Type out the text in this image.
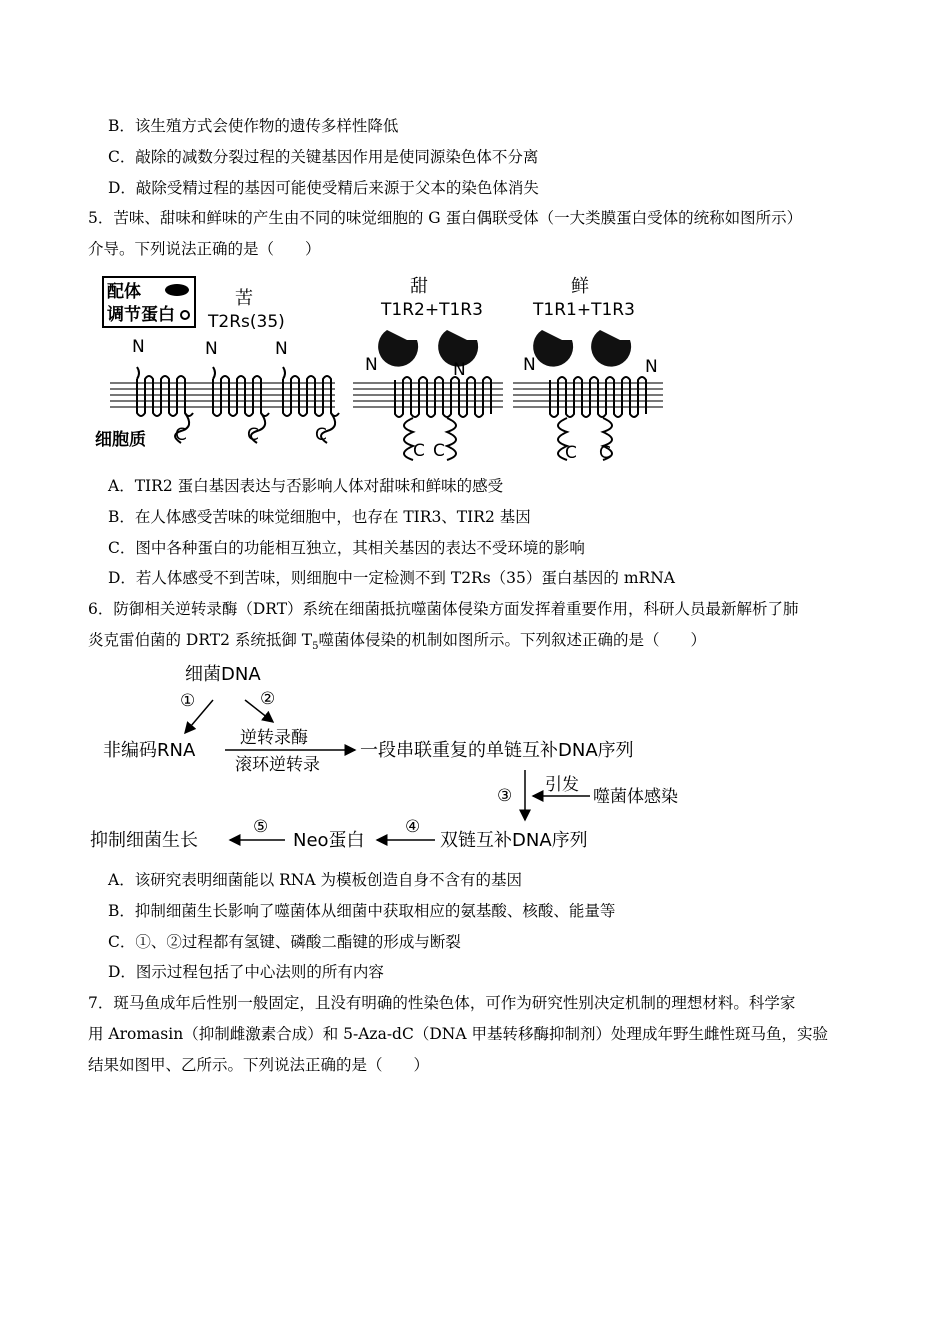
B．该生殖方式会使作物的遗传多样性降低
C．敲除的减数分裂过程的关键基因作用是使同源染色体不分离
D．敲除受精过程的基因可能使受精后来源于父本的染色体消失
5．苦味、甜味和鲜味的产生由不同的味觉细胞的 G 蛋白偶联受体（一大类膜蛋白受体的统称如图所示）
介导。下列说法正确的是（　　）
配体
调节蛋白
N	N	N
C	C	C
苦
T2Rs(35)
细胞质
甜
T1R2+T1R3
N	N
C C
鲜
T1R1+T1R3
N	N
C C
A．TIR2 蛋白基因表达与否影响人体对甜味和鲜味的感受
B．在人体感受苦味的味觉细胞中，也存在 TIR3、TIR2 基因
C．图中各种蛋白的功能相互独立，其相关基因的表达不受环境的影响
D．若人体感受不到苦味，则细胞中一定检测不到 T2Rs（35）蛋白基因的 mRNA
6．防御相关逆转录酶（DRT）系统在细菌抵抗噬菌体侵染方面发挥着重要作用，科研人员最新解析了肺
炎克雷伯菌的 DRT2 系统抵御 $T_5$噬菌体侵染的机制如图所示。下列叙述正确的是（　　）
细菌DNA
①	②
非编码RNA
逆转录酶
滚环逆转录
一段串联重复的单链互补DNA序列
③
引发
噬菌体感染
双链互补DNA序列
④
Neo蛋白
⑤
抑制细菌生长
A．该研究表明细菌能以 RNA 为模板创造自身不含有的基因
B．抑制细菌生长影响了噬菌体从细菌中获取相应的氨基酸、核酸、能量等
C．①、②过程都有氢键、磷酸二酯键的形成与断裂
D．图示过程包括了中心法则的所有内容
7．斑马鱼成年后性别一般固定，且没有明确的性染色体，可作为研究性别决定机制的理想材料。科学家
用 Aromasin（抑制雌激素合成）和 5-Aza-dC（DNA 甲基转移酶抑制剂）处理成年野生雌性斑马鱼，实验
结果如图甲、乙所示。下列说法正确的是（　　）
